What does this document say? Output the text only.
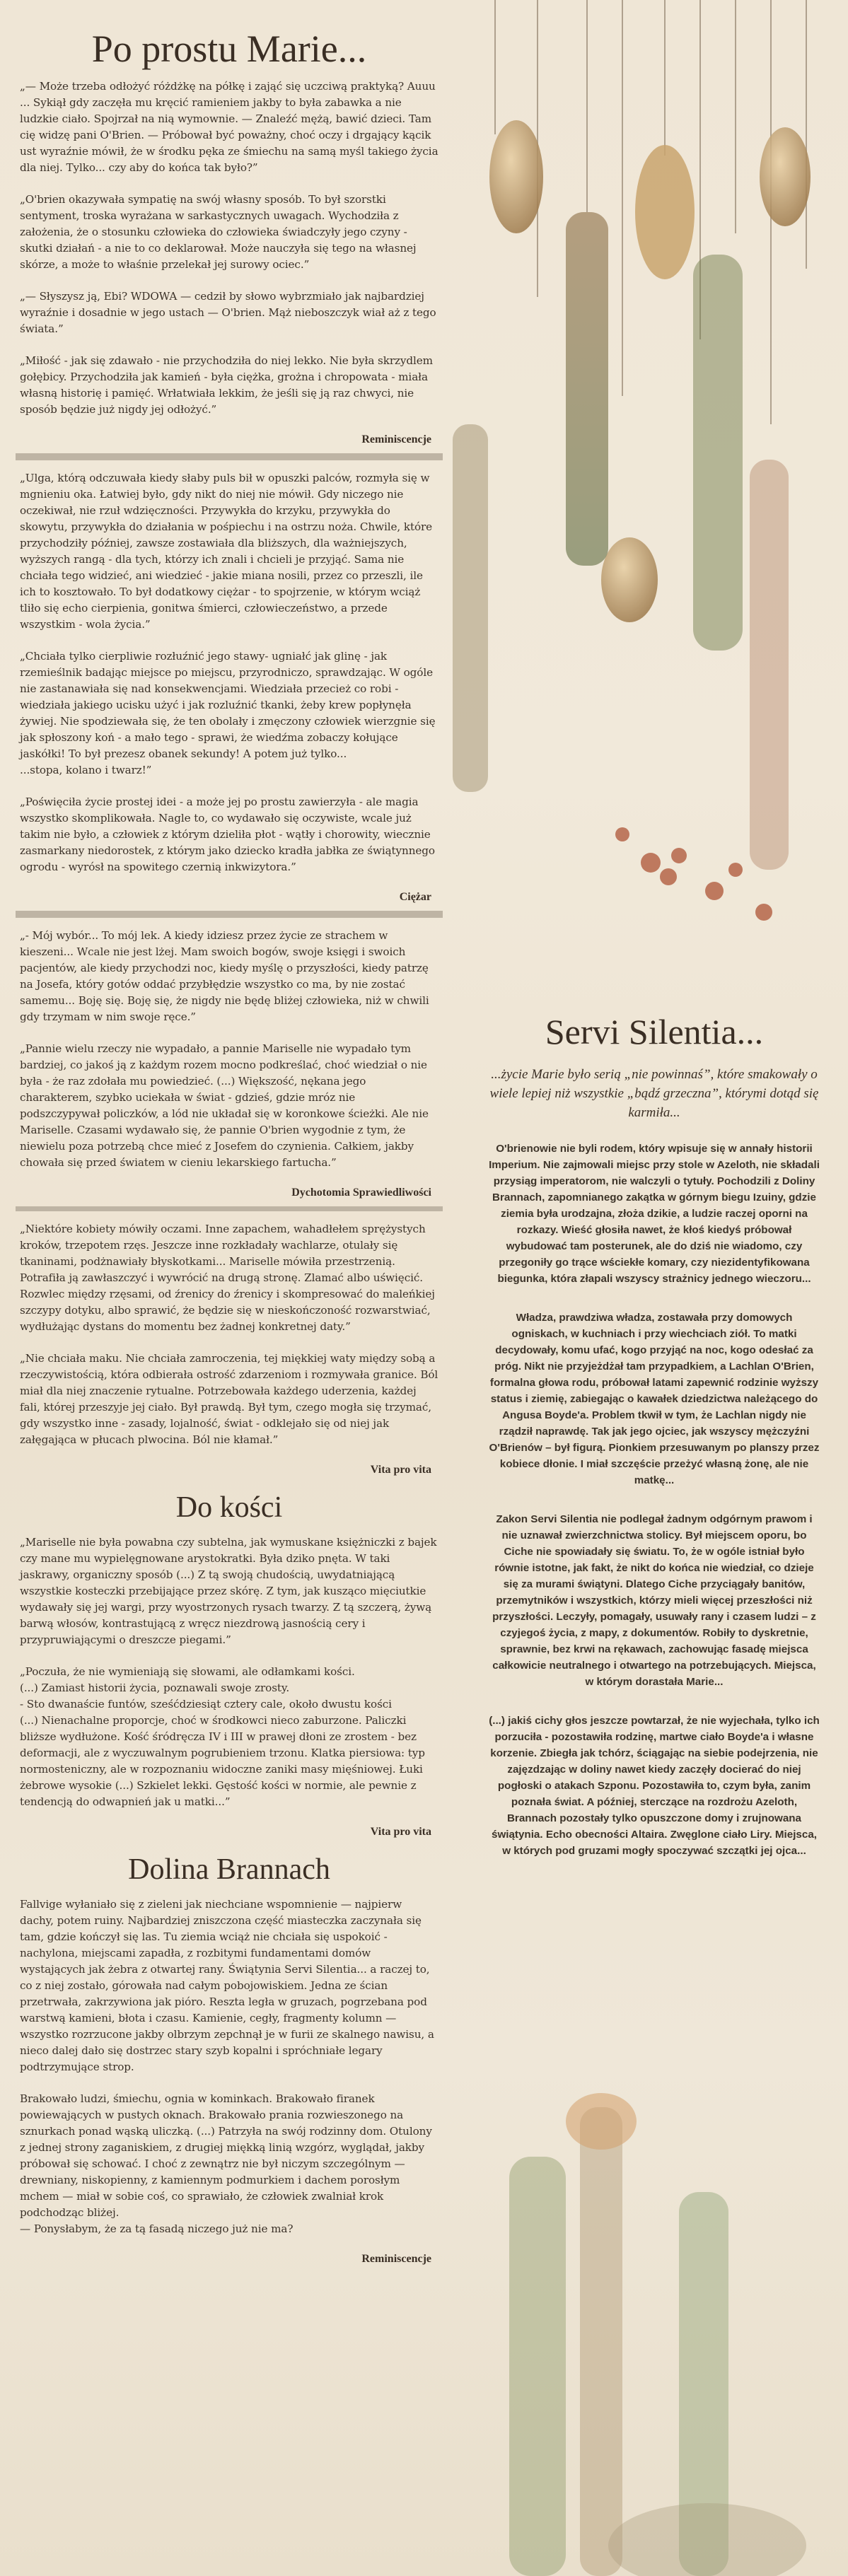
Po prostu Marie...

„— Może trzeba odłożyć różdżkę na półkę i zająć się uczciwą praktyką? Auuu ... Sykiął gdy zaczęła mu kręcić ramieniem jakby to była zabawka a nie ludzkie ciało. Spojrzał na nią wymownie. — Znaleźć mężą, bawić dzieci. Tam cię widzę pani O'Brien. — Próbował być poważny, choć oczy i drgający kącik ust wyraźnie mówił, że w środku pęka ze śmiechu na samą myśl takiego życia dla niej. Tylko... czy aby do końca tak było?”

„O'brien okazywała sympatię na swój własny sposób. To był szorstki sentyment, troska wyrażana w sarkastycznych uwagach. Wychodziła z założenia, że o stosunku człowieka do człowieka świadczyły jego czyny - skutki działań - a nie to co deklarował. Może nauczyła się tego na własnej skórze, a może to właśnie przelekał jej surowy ociec.”

„— Słyszysz ją, Ebi? WDOWA — cedził by słowo wybrzmiało jak najbardziej wyraźnie i dosadnie w jego ustach — O'brien. Mąż nieboszczyk wiał aż z tego świata.”

„Miłość - jak się zdawało - nie przychodziła do niej lekko. Nie była skrzydlem gołębicy. Przychodziła jak kamień - była ciężka, grożna i chropowata - miała własną historię i pamięć. Wrłatwiała lekkim, że jeśli się ją raz chwyci, nie sposób będzie już nigdy jej odłożyć.”

Reminiscencje

„Ulga, którą odczuwała kiedy słaby puls bił w opuszki palców, rozmyła się w mgnieniu oka. Łatwiej było, gdy nikt do niej nie mówił. Gdy niczego nie oczekiwał, nie rzuł wdzięczności. Przywykła do krzyku, przywykła do skowytu, przywykła do działania w pośpiechu i na ostrzu noża. Chwile, które przychodziły później, zawsze zostawiała dla bliższych, dla ważniejszych, wyższych rangą - dla tych, którzy ich znali i chcieli je przyjąć. Sama nie chciała tego widzieć, ani wiedzieć - jakie miana nosili, przez co przeszli, ile ich to kosztowało. To był dodatkowy ciężar - to spojrzenie, w którym wciąż tliło się echo cierpienia, gonitwa śmierci, człowieczeństwo, a przede wszystkim - wola życia.”

„Chciała tylko cierpliwie rozłuźnić jego stawy- ugniałć jak glinę - jak rzemieślnik badając miejsce po miejscu, przyrodniczo, sprawdzając. W ogóle nie zastanawiała się nad konsekwencjami. Wiedziała przecież co robi - wiedziała jakiego ucisku użyć i jak rozluźnić tkanki, żeby krew popłynęła żywiej. Nie spodziewała się, że ten obolały i zmęczony człowiek wierzgnie się jak spłoszony koń - a mało tego - sprawi, że wiedźma zobaczy kołujące jaskółki! To był prezesz obanek sekundy! A potem już tylko...
...stopa, kolano i twarz!”

„Poświęciła życie prostej idei - a może jej po prostu zawierzyła - ale magia wszystko skomplikowała. Nagle to, co wydawało się oczywiste, wcale już takim nie było, a człowiek z którym dzieliła płot - wątły i chorowity, wiecznie zasmarkany niedorostek, z którym jako dziecko kradła jabłka ze świątynnego ogrodu - wyrósł na spowitego czernią inkwizytora.”

Ciężar

„- Mój wybór... To mój lek. A kiedy idziesz przez życie ze strachem w kieszeni... Wcale nie jest lżej. Mam swoich bogów, swoje księgi i swoich pacjentów, ale kiedy przychodzi noc, kiedy myślę o przyszłości, kiedy patrzę na Josefa, który gotów oddać przybłędzie wszystko co ma, by nie zostać samemu... Boję się. Boję się, że nigdy nie będę bliżej człowieka, niż w chwili gdy trzymam w nim swoje ręce.”

„Pannie wielu rzeczy nie wypadało, a pannie Mariselle nie wypadało tym bardziej, co jakoś ją z każdym rozem mocno podkreślać, choć wiedział o nie była - że raz zdołała mu powiedzieć. (...) Większość, nękana jego charakterem, szybko uciekała w świat - gdzieś, gdzie mróz nie podszczypywał policzków, a lód nie układał się w koronkowe ścieżki. Ale nie Mariselle. Czasami wydawało się, że pannie O'brien wygodnie z tym, że niewielu poza potrzebą chce mieć z Josefem do czynienia. Całkiem, jakby chowała się przed światem w cieniu lekarskiego fartucha.”

Dychotomia Sprawiedliwości

„Niektóre kobiety mówiły oczami. Inne zapachem, wahadłełem sprężystych kroków, trzepotem rzęs. Jeszcze inne rozkładały wachlarze, otulały się tkaninami, podżnawiały błyskotkami... Mariselle mówiła przestrzenią. Potrafiła ją zawłaszczyć i wywrócić na drugą stronę. Zlamać albo uświęcić. Rozwlec między rzęsami, od źrenicy do źrenicy i skompresować do maleńkiej szczypy dotyku, albo sprawić, że będzie się w nieskończoność rozwarstwiać, wydłużając dystans do momentu bez żadnej konkretnej daty.”

„Nie chciała maku. Nie chciała zamroczenia, tej miękkiej waty między sobą a rzeczywistością, która odbierała ostrość zdarzeniom i rozmywała granice. Ból miał dla niej znaczenie rytualne. Potrzebowała każdego uderzenia, każdej fali, której przeszyje jej ciało. Był prawdą. Był tym, czego mogła się trzymać, gdy wszystko inne - zasady, lojalność, świat - odklejało się od niej jak załęgająca w płucach plwocina. Ból nie kłamał.”

Vita pro vita
Do kości

„Mariselle nie była powabna czy subtelna, jak wymuskane księżniczki z bajek czy mane mu wypielęgnowane arystokratki. Była dziko pnęta. W taki jaskrawy, organiczny sposób (...) Z tą swoją chudością, uwydatniającą wszystkie kosteczki przebijające przez skórę. Z tym, jak kusząco mięciutkie wydawały się jej wargi, przy wyostrzonych rysach twarzy. Z tą szczerą, żywą barwą włosów, kontrastującą z wręcz niezdrową jasnością cery i przypruwiającymi o dreszcze piegami.”

„Poczuła, że nie wymieniają się słowami, ale odłamkami kości.
(...) Zamiast historii życia, poznawali swoje zrosty.
- Sto dwanaście funtów, sześćdziesiąt cztery cale, około dwustu kości
(...) Nienachalne proporcje, choć w środkowci nieco zaburzone. Paliczki bliższe wydłużone. Kość śródręcza IV i III w prawej dłoni ze zrostem - bez deformacji, ale z wyczuwalnym pogrubieniem trzonu. Klatka piersiowa: typ normosteniczny, ale w rozpoznaniu widoczne zaniki masy mięśniowej. Łuki żebrowe wysokie (...) Szkielet lekki. Gęstość kości w normie, ale pewnie z tendencją do odwapnień jak u matki...”

Vita pro vita
Dolina Brannach

Fallvige wyłaniało się z zieleni jak niechciane wspomnienie — najpierw dachy, potem ruiny. Najbardziej zniszczona część miasteczka zaczynała się tam, gdzie kończył się las. Tu ziemia wciąż nie chciała się uspokoić - nachylona, miejscami zapadła, z rozbitymi fundamentami domów wystających jak żebra z otwartej rany. Świątynia Servi Silentia... a raczej to, co z niej zostało, górowała nad całym pobojowiskiem. Jedna ze ścian przetrwała, zakrzywiona jak pióro. Reszta legła w gruzach, pogrzebana pod warstwą kamieni, błota i czasu. Kamienie, cegły, fragmenty kolumn — wszystko rozrzucone jakby olbrzym zepchnął je w furii ze skalnego nawisu, a nieco dalej dało się dostrzec stary szyb kopalni i spróchniałe legary podtrzymujące strop.

Brakowało ludzi, śmiechu, ognia w kominkach. Brakowało firanek powiewających w pustych oknach. Brakowało prania rozwieszonego na sznurkach ponad wąską uliczką. (...) Patrzyła na swój rodzinny dom. Otulony z jednej strony zaganiskiem, z drugiej miękką linią wzgórz, wyglądał, jakby próbował się schować. I choć z zewnątrz nie był niczym szczególnym — drewniany, niskopienny, z kamiennym podmurkiem i dachem porosłym mchem — miał w sobie coś, co sprawiało, że człowiek zwalniał krok podchodząc bliżej.
— Ponysłabym, że za tą fasadą niczego już nie ma?

Reminiscencje
Servi Silentia...

...życie Marie było serią „nie powinnaś”, które smakowały o wiele lepiej niż wszystkie „bądź grzeczna”, którymi dotąd się karmiła...

O'brienowie nie byli rodem, który wpisuje się w annały historii Imperium. Nie zajmowali miejsc przy stole w Azeloth, nie składali przysiąg imperatorom, nie walczyli o tytuły. Pochodzili z Doliny Brannach, zapomnianego zakątka w górnym biegu Izuiny, gdzie ziemia była urodzajna, złoża dzikie, a ludzie raczej oporni na rozkazy. Wieść głosiła nawet, że kłoś kiedyś próbował wybudować tam posterunek, ale do dziś nie wiadomo, czy przegoniły go trące wściekłe komary, czy niezidentyfikowana biegunka, która złapali wszyscy strażnicy jednego wieczoru...

Władza, prawdziwa władza, zostawała przy domowych ogniskach, w kuchniach i przy wiechciach ziół. To matki decydowały, komu ufać, kogo przyjąć na noc, kogo odesłać za próg. Nikt nie przyjeżdżał tam przypadkiem, a Lachlan O'Brien, formalna głowa rodu, próbował latami zapewnić rodzinie wyższy status i ziemię, zabiegając o kawałek dziedzictwa należącego do Angusa Boyde'a. Problem tkwił w tym, że Lachlan nigdy nie rządził naprawdę. Tak jak jego ojciec, jak wszyscy mężczyźni O'Brienów – był figurą. Pionkiem przesuwanym po planszy przez kobiece dłonie. I miał szczęście przeżyć własną żonę, ale nie matkę...

Zakon Servi Silentia nie podlegał żadnym odgórnym prawom i nie uznawał zwierzchnictwa stolicy. Był miejscem oporu, bo Ciche nie spowiadały się światu. To, że w ogóle istniał było równie istotne, jak fakt, że nikt do końca nie wiedział, co dzieje się za murami świątyni. Dlatego Ciche przyciągały banitów, przemytników i wszystkich, którzy mieli więcej przeszłości niż przyszłości. Leczyły, pomagały, usuwały rany i czasem ludzi – z czyjegoś życia, z mapy, z dokumentów. Robiły to dyskretnie, sprawnie, bez krwi na rękawach, zachowując fasadę miejsca całkowicie neutralnego i otwartego na potrzebujących. Miejsca, w którym dorastała Marie...

(...) jakiś cichy głos jeszcze powtarzał, że nie wyjechała, tylko ich porzuciła - pozostawiła rodzinę, martwe ciało Boyde'a i własne korzenie. Zbiegła jak tchórz, ściągając na siebie podejrzenia, nie zajęzdzając w doliny nawet kiedy zaczęły docierać do niej pogłoski o atakach Szponu. Pozostawiła to, czym była, zanim poznała świat. A później, sterczące na rozdrożu Azeloth, Brannach pozostały tylko opuszczone domy i zrujnowana świątynia. Echo obecności Altaira. Zwęglone ciało Liry. Miejsca, w których pod gruzami mogły spoczywać szczątki jej ojca...
